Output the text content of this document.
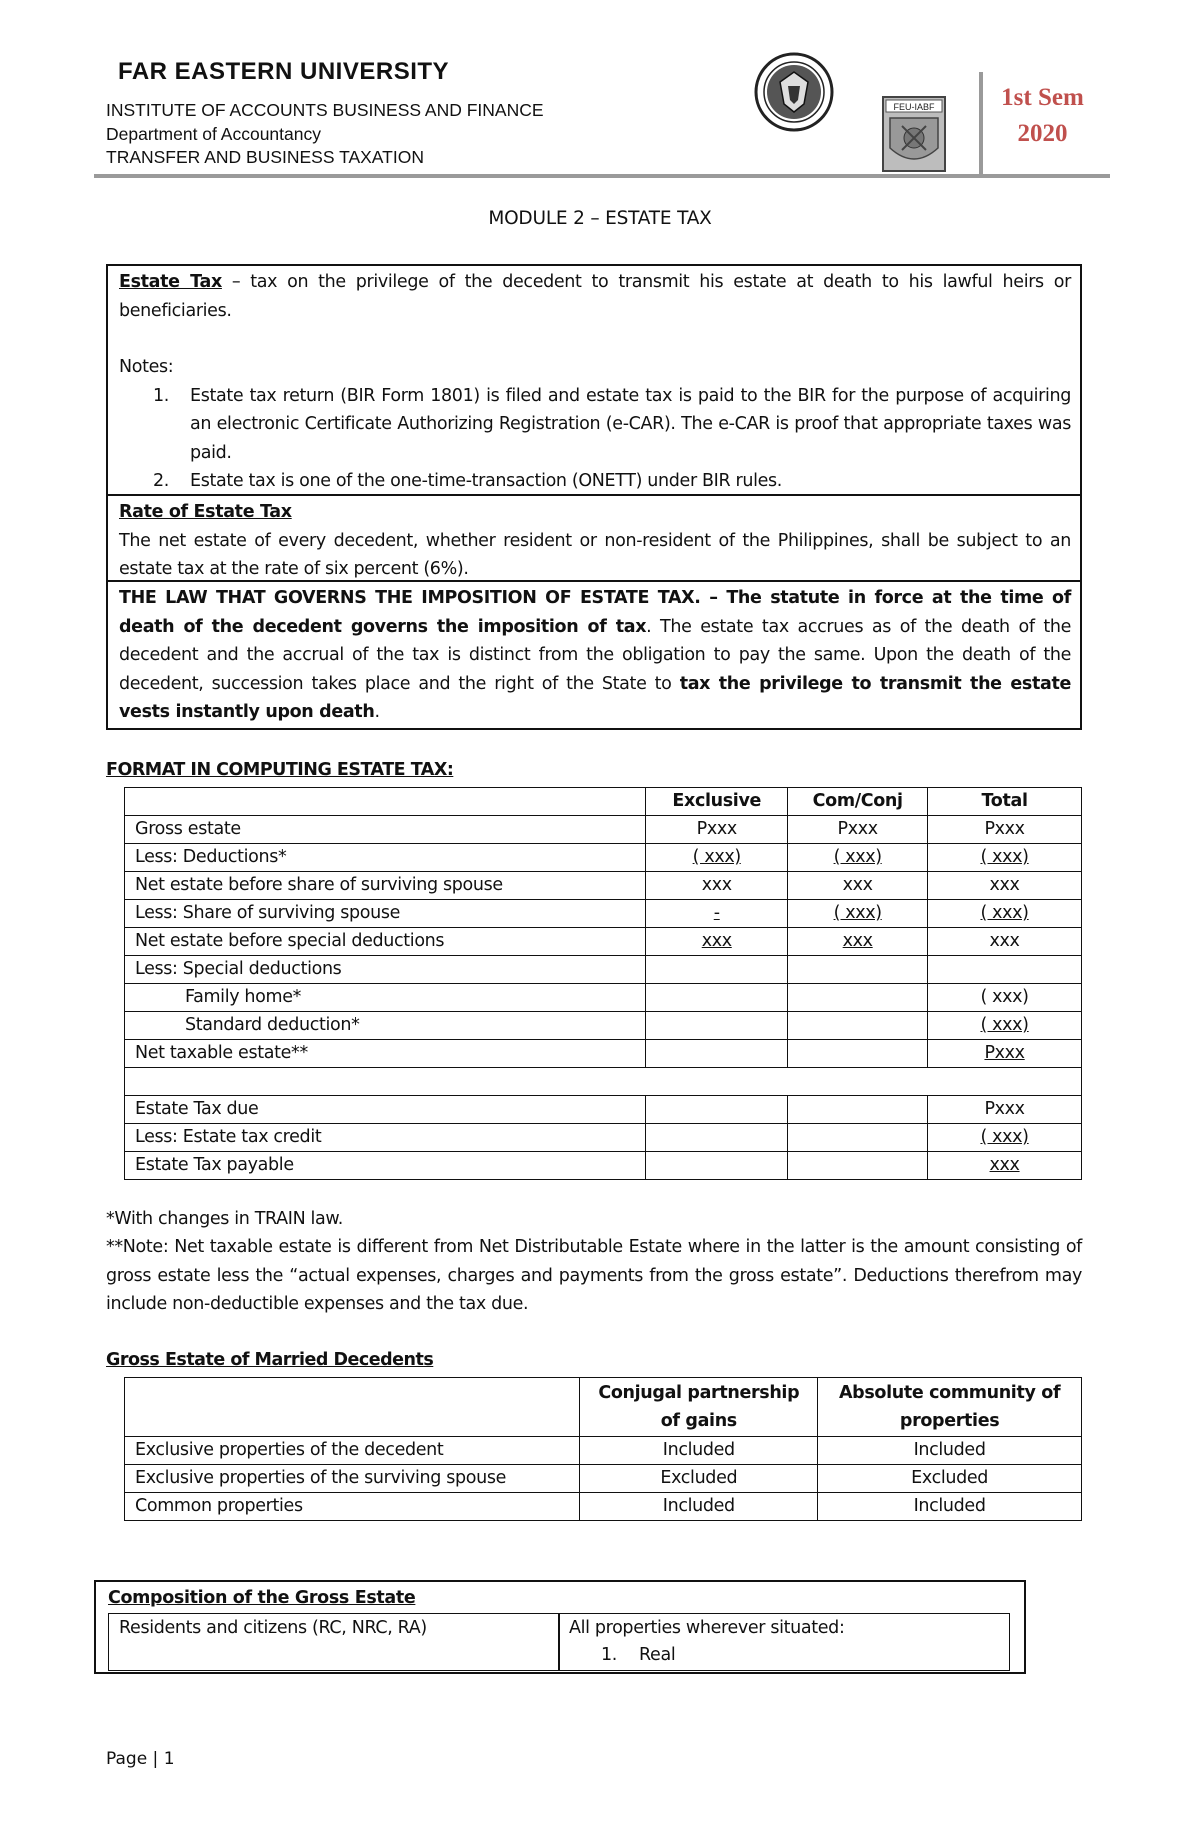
FAR EASTERN UNIVERSITY
INSTITUTE OF ACCOUNTS BUSINESS AND FINANCE
Department of Accountancy
TRANSFER AND BUSINESS TAXATION
FEU-IABF	1st Sem
2020
MODULE 2 – ESTATE TAX

Estate Tax – tax on the privilege of the decedent to transmit his estate at death to his lawful heirs or beneficiaries.

Notes:

1. Estate tax return (BIR Form 1801) is filed and estate tax is paid to the BIR for the purpose of acquiring an electronic Certificate Authorizing Registration (e-CAR). The e-CAR is proof that appropriate taxes was paid.
2. Estate tax is one of the one-time-transaction (ONETT) under BIR rules.

Rate of Estate Tax

The net estate of every decedent, whether resident or non-resident of the Philippines, shall be subject to an estate tax at the rate of six percent (6%).

THE LAW THAT GOVERNS THE IMPOSITION OF ESTATE TAX. – The statute in force at the time of death of the decedent governs the imposition of tax. The estate tax accrues as of the death of the decedent and the accrual of the tax is distinct from the obligation to pay the same. Upon the death of the decedent, succession takes place and the right of the State to tax the privilege to transmit the estate vests instantly upon death.

FORMAT IN COMPUTING ESTATE TAX:
	Exclusive	Com/Conj	Total
Gross estate	Pxxx	Pxxx	Pxxx
Less: Deductions*	( xxx)	( xxx)	( xxx)
Net estate before share of surviving spouse	xxx	xxx	xxx
Less: Share of surviving spouse	-	( xxx)	( xxx)
Net estate before special deductions	xxx	xxx	xxx
Less: Special deductions			
Family home*			( xxx)
Standard deduction*			( xxx)
Net taxable estate**			Pxxx

Estate Tax due			Pxxx
Less: Estate tax credit			( xxx)
Estate Tax payable			xxx
*With changes in TRAIN law.
**Note: Net taxable estate is different from Net Distributable Estate where in the latter is the amount consisting of gross estate less the “actual expenses, charges and payments from the gross estate”. Deductions therefrom may include non-deductible expenses and the tax due.
Gross Estate of Married Decedents
	Conjugal partnership of gains	Absolute community of properties
Exclusive properties of the decedent	Included	Included
Exclusive properties of the surviving spouse	Excluded	Excluded
Common properties	Included	Included
Composition of the Gross Estate
Residents and citizens (RC, NRC, RA)	All properties wherever situated:
1. Real
Page | 1
